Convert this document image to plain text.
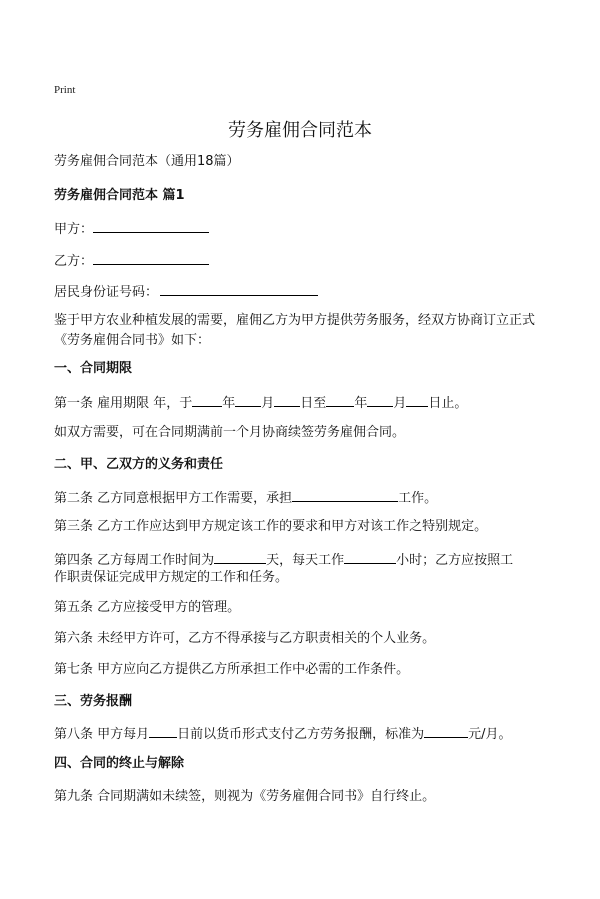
Print
劳务雇佣合同范本
劳务雇佣合同范本（通用18篇）
劳务雇佣合同范本 篇1
甲方：
乙方：
居民身份证号码：
鉴于甲方农业种植发展的需要，雇佣乙方为甲方提供劳务服务，经双方协商订立正式《劳务雇佣合同书》如下：
一、合同期限
第一条 雇用期限 年，于 年 月 日至 年 月 日止。
如双方需要，可在合同期满前一个月协商续签劳务雇佣合同。
二、甲、乙双方的义务和责任
第二条 乙方同意根据甲方工作需要，承担	工作。
第三条 乙方工作应达到甲方规定该工作的要求和甲方对该工作之特别规定。
第四条 乙方每周工作时间为	天，每天工作	小时；乙方应按照工
作职责保证完成甲方规定的工作和任务。
第五条 乙方应接受甲方的管理。
第六条 未经甲方许可，乙方不得承接与乙方职责相关的个人业务。
第七条 甲方应向乙方提供乙方所承担工作中必需的工作条件。
三、劳务报酬
第八条 甲方每月 日前以货币形式支付乙方劳务报酬，标准为	元/月。
四、合同的终止与解除
第九条 合同期满如未续签，则视为《劳务雇佣合同书》自行终止。
